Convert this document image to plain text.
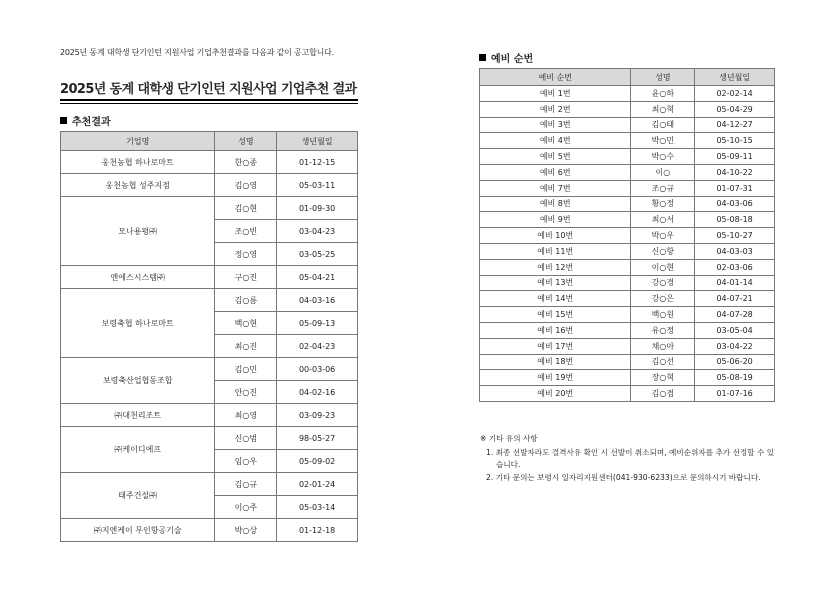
2025년 동계 대학생 단기인턴 지원사업 기업추천결과를 다음과 같이 공고합니다.
2025년 동계 대학생 단기인턴 지원사업 기업추천 결과
추천결과
기업명	성명	생년월일
웅천농협 하나로마트	한○종	01-12-15
웅천농협 성주지점	김○영	05-03-11
모나용평㈜	김○현	01-09-30
	조○빈	03-04-23
	정○영	03-05-25
엔에스시스템㈜	구○진	05-04-21
보령축협 하나로마트	김○름	04-03-16
	백○현	05-09-13
	최○진	02-04-23
보령축산업협동조합	김○민	00-03-06
	안○진	04-02-16
㈜대천리조트	최○영	03-09-23
㈜케이디에프	신○범	98-05-27
	임○우	05-09-02
태주건설㈜	김○규	02-01-24
	이○주	05-03-14
㈜지엔케이 무인항공기술	박○상	01-12-18
예비 순번
예비 순번	성명	생년월일
예비 1번	윤○하	02-02-14
예비 2번	최○혁	05-04-29
예비 3번	김○태	04-12-27
예비 4번	박○민	05-10-15
예비 5번	박○수	05-09-11
예비 6번	이○	04-10-22
예비 7번	조○규	01-07-31
예비 8번	황○정	04-03-06
예비 9번	최○서	05-08-18
예비 10번	박○우	05-10-27
예비 11번	신○항	04-03-03
예비 12번	이○현	02-03-06
예비 13번	강○경	04-01-14
예비 14번	강○은	04-07-21
예비 15번	백○원	04-07-28
예비 16번	유○정	03-05-04
예비 17번	채○아	03-04-22
예비 18번	김○선	05-06-20
예비 19번	장○혁	05-08-19
예비 20번	김○겸	01-07-16
※ 기타 유의 사항
1. 최종 선발자라도 결격사유 확인 시 선발이 취소되며, 예비순위자를 추가 선정할 수 있습니다.
2. 기타 문의는 보령시 일자리지원센터(041-930-6233)으로 문의하시기 바랍니다.
